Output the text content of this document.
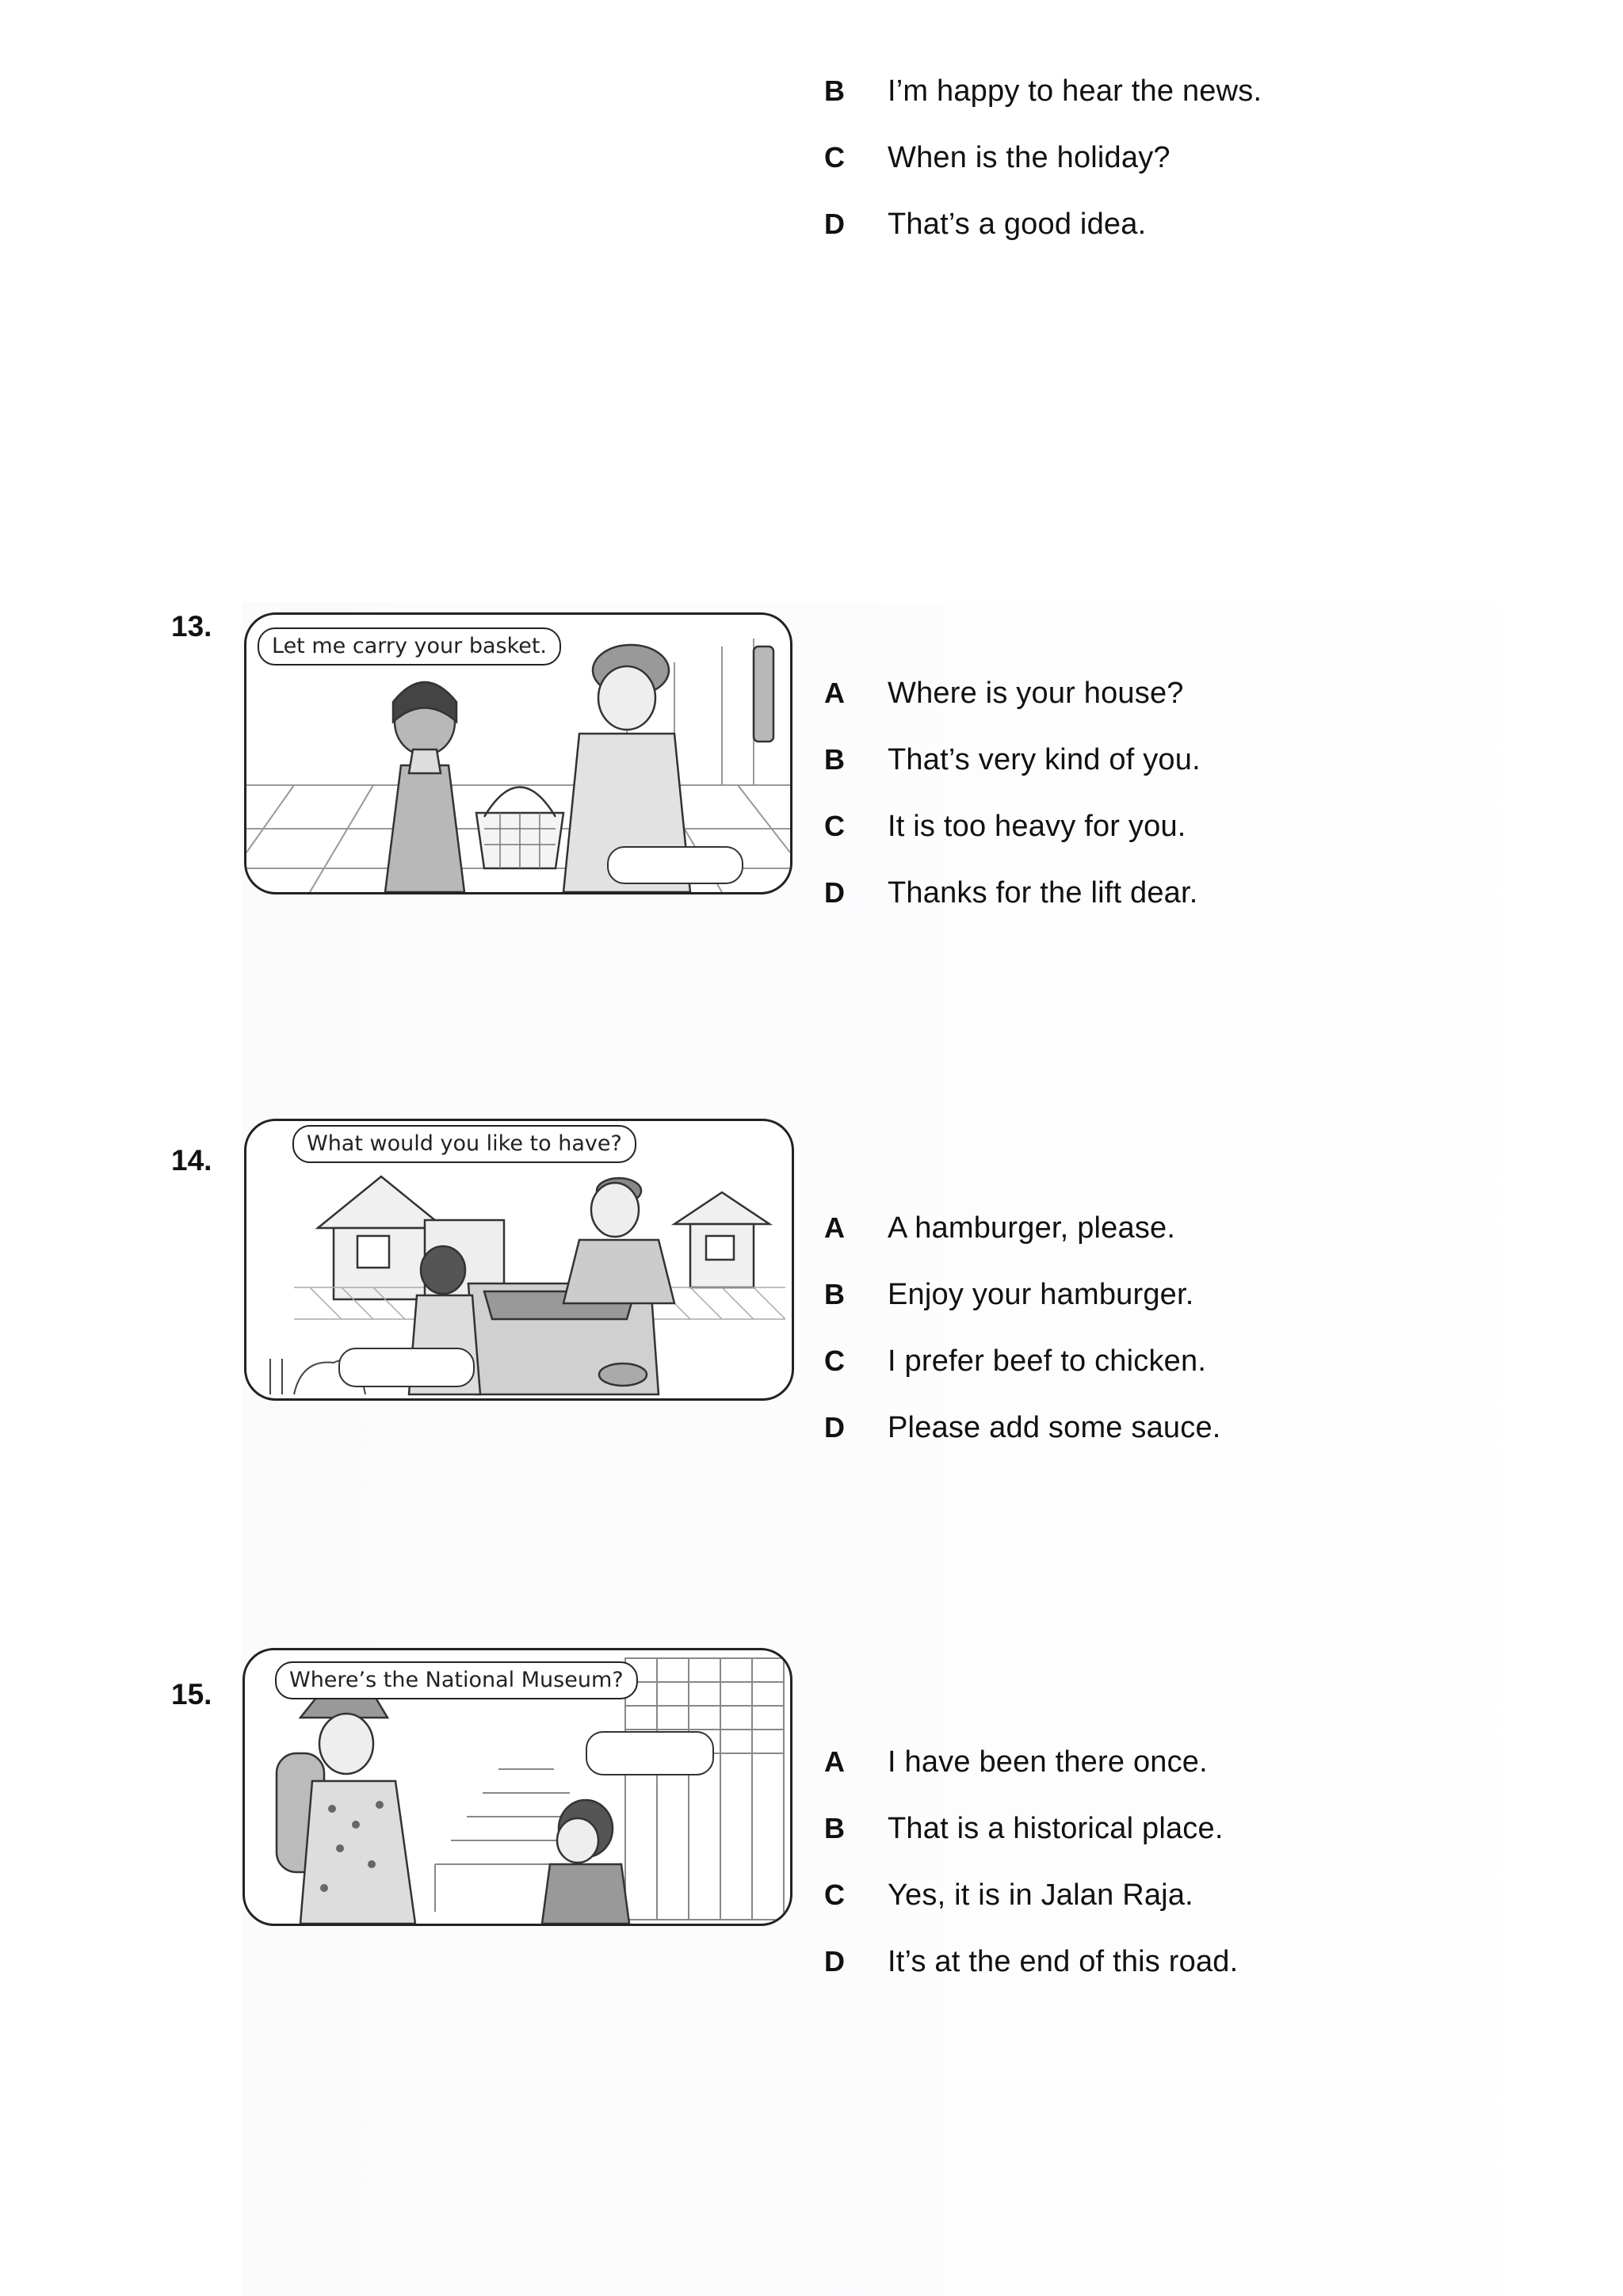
B	I’m happy to hear the news.
C	When is the holiday?
D	That’s a good idea.
13.
Let me carry your basket.
A	Where is your house?
B	That’s very kind of you.
C	It is too heavy for you.
D	Thanks for the lift dear.
14.
What would you like to have?
A	A hamburger, please.
B	Enjoy your hamburger.
C	I prefer beef to chicken.
D	Please add some sauce.
15.	Where’s the National Museum?
A	I have been there once.
B	That is a historical place.
C	Yes, it is in Jalan Raja.
D	It’s at the end of this road.
